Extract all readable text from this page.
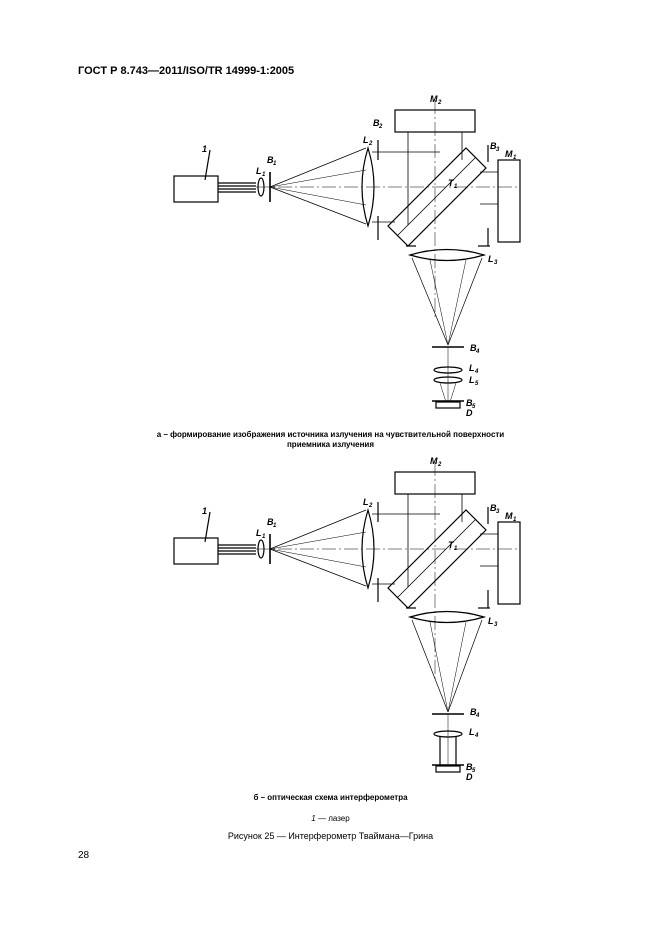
ГОСТ Р 8.743—2011/ISO/TR 14999-1:2005
1
L 1
B 1
L 2
B 2
M 2
B 3 M 1
T 1
L 3
B 4
L 4
L 5
B 5
D
а – формирование изображения источника излучения на чувствительной поверхности
приемника излучения
1
L 1
B 1
L 2
M 2
B 3 M 1
T 1
L 3
B 4
L 4
B 5
D
б – оптическая схема интерферометра
1 — лазер
Рисунок 25 — Интерферометр Тваймана—Грина
28
